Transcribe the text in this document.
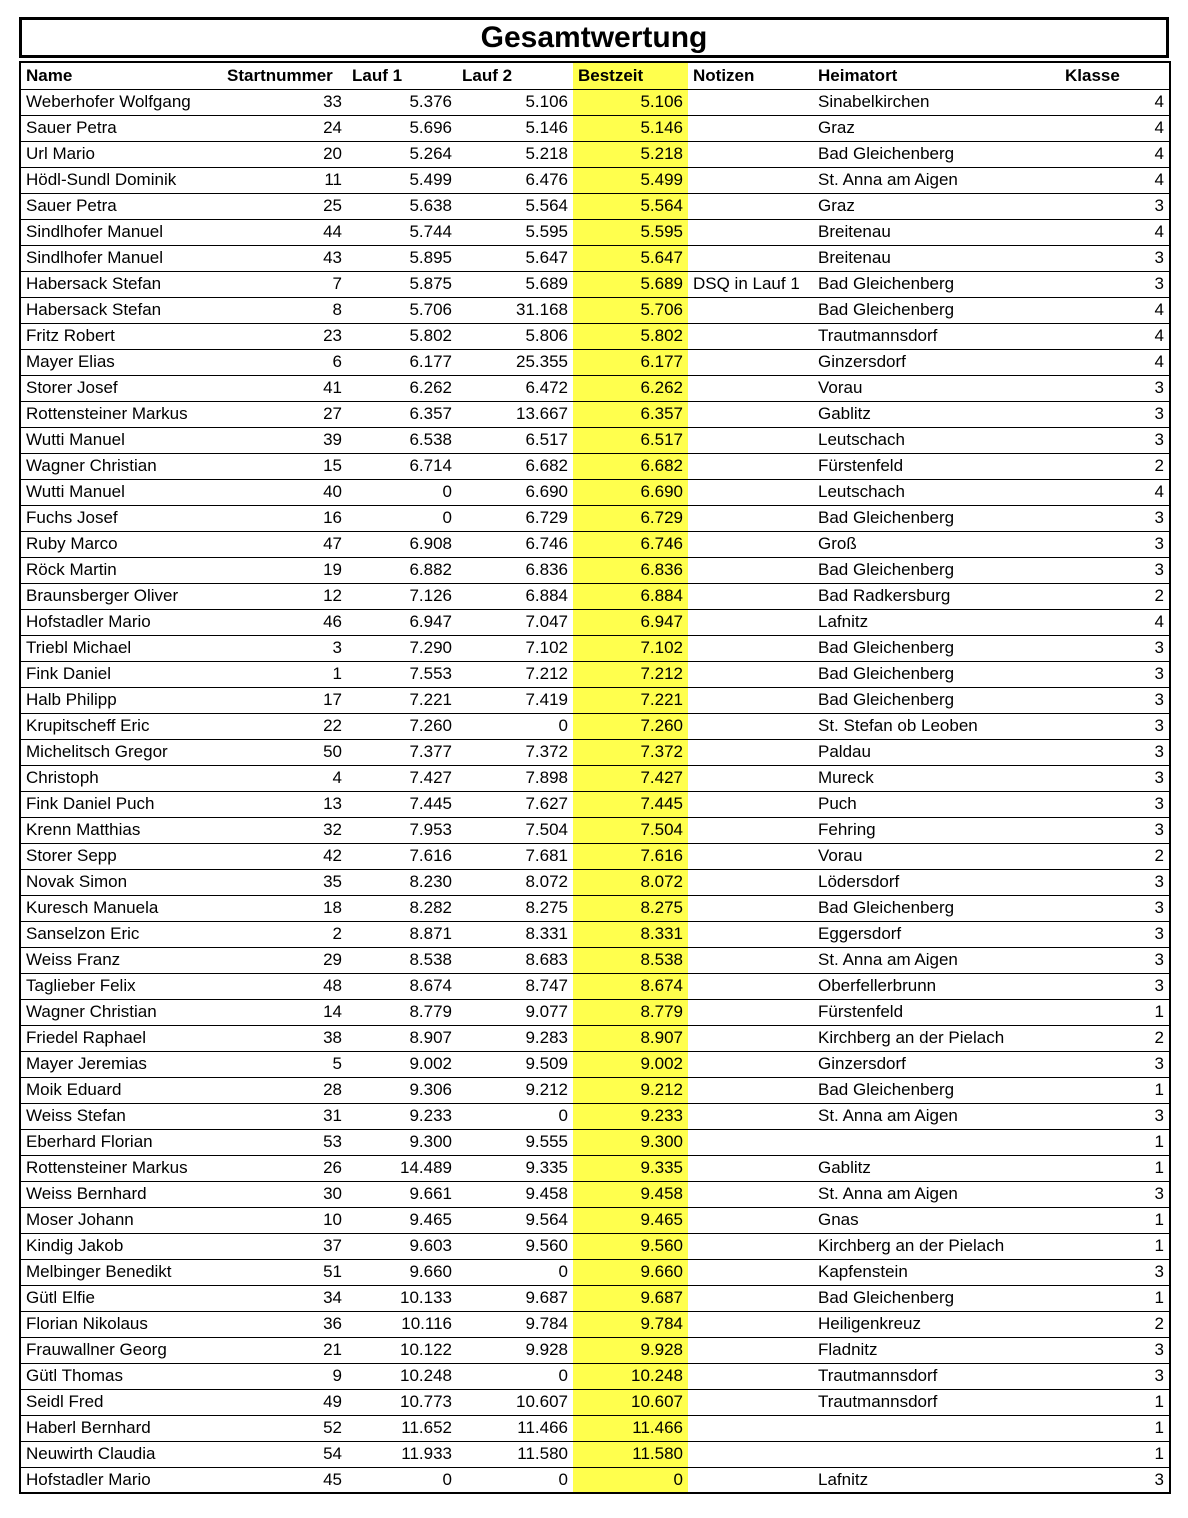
Gesamtwertung
Name	Startnummer	Lauf 1	Lauf 2	Bestzeit	Notizen	Heimatort	Klasse
Weberhofer Wolfgang	33	5.376	5.106	5.106		Sinabelkirchen	4
Sauer Petra	24	5.696	5.146	5.146		Graz	4
Url Mario	20	5.264	5.218	5.218		Bad Gleichenberg	4
Hödl-Sundl Dominik	11	5.499	6.476	5.499		St. Anna am Aigen	4
Sauer Petra	25	5.638	5.564	5.564		Graz	3
Sindlhofer Manuel	44	5.744	5.595	5.595		Breitenau	4
Sindlhofer Manuel	43	5.895	5.647	5.647		Breitenau	3
Habersack Stefan	7	5.875	5.689	5.689	DSQ in Lauf 1	Bad Gleichenberg	3
Habersack Stefan	8	5.706	31.168	5.706		Bad Gleichenberg	4
Fritz Robert	23	5.802	5.806	5.802		Trautmannsdorf	4
Mayer Elias	6	6.177	25.355	6.177		Ginzersdorf	4
Storer Josef	41	6.262	6.472	6.262		Vorau	3
Rottensteiner Markus	27	6.357	13.667	6.357		Gablitz	3
Wutti Manuel	39	6.538	6.517	6.517		Leutschach	3
Wagner Christian	15	6.714	6.682	6.682		Fürstenfeld	2
Wutti Manuel	40	0	6.690	6.690		Leutschach	4
Fuchs Josef	16	0	6.729	6.729		Bad Gleichenberg	3
Ruby Marco	47	6.908	6.746	6.746		Groß	3
Röck Martin	19	6.882	6.836	6.836		Bad Gleichenberg	3
Braunsberger Oliver	12	7.126	6.884	6.884		Bad Radkersburg	2
Hofstadler Mario	46	6.947	7.047	6.947		Lafnitz	4
Triebl Michael	3	7.290	7.102	7.102		Bad Gleichenberg	3
Fink Daniel	1	7.553	7.212	7.212		Bad Gleichenberg	3
Halb Philipp	17	7.221	7.419	7.221		Bad Gleichenberg	3
Krupitscheff Eric	22	7.260	0	7.260		St. Stefan ob Leoben	3
Michelitsch Gregor	50	7.377	7.372	7.372		Paldau	3
Christoph	4	7.427	7.898	7.427		Mureck	3
Fink Daniel Puch	13	7.445	7.627	7.445		Puch	3
Krenn Matthias	32	7.953	7.504	7.504		Fehring	3
Storer Sepp	42	7.616	7.681	7.616		Vorau	2
Novak Simon	35	8.230	8.072	8.072		Lödersdorf	3
Kuresch Manuela	18	8.282	8.275	8.275		Bad Gleichenberg	3
Sanselzon Eric	2	8.871	8.331	8.331		Eggersdorf	3
Weiss Franz	29	8.538	8.683	8.538		St. Anna am Aigen	3
Taglieber Felix	48	8.674	8.747	8.674		Oberfellerbrunn	3
Wagner Christian	14	8.779	9.077	8.779		Fürstenfeld	1
Friedel Raphael	38	8.907	9.283	8.907		Kirchberg an der Pielach	2
Mayer Jeremias	5	9.002	9.509	9.002		Ginzersdorf	3
Moik Eduard	28	9.306	9.212	9.212		Bad Gleichenberg	1
Weiss Stefan	31	9.233	0	9.233		St. Anna am Aigen	3
Eberhard Florian	53	9.300	9.555	9.300			1
Rottensteiner Markus	26	14.489	9.335	9.335		Gablitz	1
Weiss Bernhard	30	9.661	9.458	9.458		St. Anna am Aigen	3
Moser Johann	10	9.465	9.564	9.465		Gnas	1
Kindig Jakob	37	9.603	9.560	9.560		Kirchberg an der Pielach	1
Melbinger Benedikt	51	9.660	0	9.660		Kapfenstein	3
Gütl Elfie	34	10.133	9.687	9.687		Bad Gleichenberg	1
Florian Nikolaus	36	10.116	9.784	9.784		Heiligenkreuz	2
Frauwallner Georg	21	10.122	9.928	9.928		Fladnitz	3
Gütl Thomas	9	10.248	0	10.248		Trautmannsdorf	3
Seidl Fred	49	10.773	10.607	10.607		Trautmannsdorf	1
Haberl Bernhard	52	11.652	11.466	11.466			1
Neuwirth Claudia	54	11.933	11.580	11.580			1
Hofstadler Mario	45	0	0	0		Lafnitz	3
